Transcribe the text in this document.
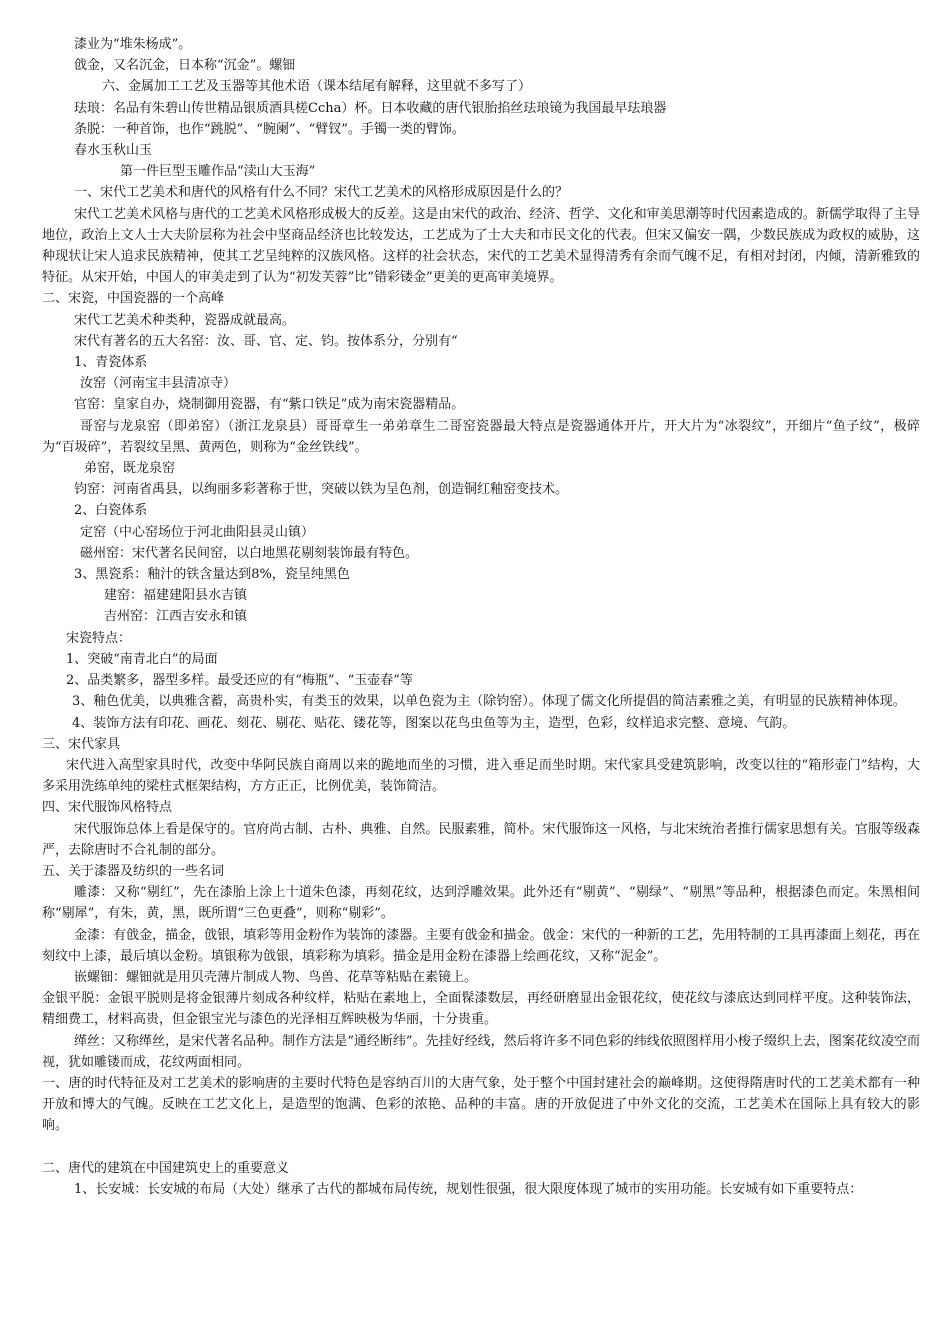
漆业为“堆朱杨成”。

戗金，又名沉金，日本称“沉金”。螺钿

六、金属加工工艺及玉器等其他术语（课本结尾有解释，这里就不多写了）

珐琅：名品有朱碧山传世精品银质酒具槎Ccha）杯。日本收藏的唐代银胎掐丝珐琅镜为我国最早珐琅器

条脱：一种首饰，也作“跳脱”、“腕阑”、“臂钗”。手镯一类的臂饰。

春水玉秋山玉

第一件巨型玉雕作品“渎山大玉海”

一、宋代工艺美术和唐代的风格有什么不同？宋代工艺美术的风格形成原因是什么的？

宋代工艺美术风格与唐代的工艺美术风格形成极大的反差。这是由宋代的政治、经济、哲学、文化和审美思潮等时代因素造成的。新儒学取得了主导地位，政治上文人士大夫阶层称为社会中坚商品经济也比较发达，工艺成为了士大夫和市民文化的代表。但宋又偏安一隅，少数民族成为政权的威胁，这种现状让宋人追求民族精神，使其工艺呈纯粹的汉族风格。这样的社会状态，宋代的工艺美术显得清秀有余而气魄不足，有相对封闭，内倾，清新雅致的特征。从宋开始，中国人的审美走到了认为“初发芙蓉”比“错彩镂金”更美的更高审美境界。

二、宋瓷，中国瓷器的一个高峰

宋代工艺美术种类种，瓷器成就最高。

宋代有著名的五大名窑：汝、哥、官、定、钧。按体系分，分别有“

1、青瓷体系

汝窑（河南宝丰县清凉寺）

官窑：皇家自办，烧制御用瓷器，有“紫口铁足”成为南宋瓷器精品。

哥窑与龙泉窑（即弟窑）（浙江龙泉县）哥哥章生一弟弟章生二哥窑瓷器最大特点是瓷器通体开片，开大片为“冰裂纹”，开细片“鱼子纹”，极碎为“百圾碎”，若裂纹呈黑、黄两色，则称为“金丝铁线”。

弟窑，既龙泉窑

钧窑：河南省禹县，以绚丽多彩著称于世，突破以铁为呈色剂，创造铜红釉窑变技术。

2、白瓷体系

定窑（中心窑场位于河北曲阳县灵山镇）

磁州窑：宋代著名民间窑，以白地黑花剔刻装饰最有特色。

3、黑瓷系：釉汁的铁含量达到8%，瓷呈纯黑色

建窑：福建建阳县水吉镇

吉州窑：江西吉安永和镇

宋瓷特点：

1、突破“南青北白”的局面

2、品类繁多，器型多样。最受还应的有“梅瓶”、“玉壶春”等

3、釉色优美，以典雅含蓄，高贵朴实，有类玉的效果，以单色瓷为主（除钧窑）。体现了儒文化所提倡的简洁素雅之美，有明显的民族精神体现。

4、装饰方法有印花、画花、刻花、剔花、贴花、镂花等，图案以花鸟虫鱼等为主，造型，色彩，纹样追求完整、意境、气韵。

三、宋代家具

宋代进入高型家具时代，改变中华阿民族自商周以来的跪地而坐的习惯，进入垂足而坐时期。宋代家具受建筑影响，改变以往的“箱形壶门”结构，大多采用洗练单纯的梁柱式框架结构，方方正正，比例优美，装饰简洁。

四、宋代服饰风格特点

宋代服饰总体上看是保守的。官府尚古制、古朴、典雅、自然。民服素雅，简朴。宋代服饰这一风格，与北宋统治者推行儒家思想有关。官服等级森严，去除唐时不合礼制的部分。

五、关于漆器及纺织的一些名词

雕漆：又称“剔红”，先在漆胎上涂上十道朱色漆，再刻花纹，达到浮雕效果。此外还有“剔黄”、“剔绿”、“剔黑”等品种，根据漆色而定。朱黑相间称“剔犀”，有朱，黄，黑，既所谓“三色更叠”，则称“剔彩”。

金漆：有戗金，描金，戗银，填彩等用金粉作为装饰的漆器。主要有戗金和描金。戗金：宋代的一种新的工艺，先用特制的工具再漆面上刻花，再在刻纹中上漆，最后填以金粉。填银称为戗银，填彩称为填彩。描金是用金粉在漆器上绘画花纹，又称“泥金”。

嵌螺钿：螺钿就是用贝壳薄片制成人物、鸟兽、花草等粘贴在素镜上。

金银平脱：金银平脱则是将金银薄片刻成各种纹样，粘贴在素地上，全面髹漆数层，再经研磨显出金银花纹，使花纹与漆底达到同样平度。这种装饰法，精细费工，材料高贵，但金银宝光与漆色的光泽相互辉映极为华丽，十分贵重。

缂丝：又称缂丝，是宋代著名品种。制作方法是“通经断纬”。先挂好经线，然后将许多不同色彩的纬线依照图样用小梭子缀织上去，图案花纹凌空而视，犹如雕镂而成，花纹两面相同。

一、唐的时代特征及对工艺美术的影响唐的主要时代特色是容纳百川的大唐气象，处于整个中国封建社会的巅峰期。这使得隋唐时代的工艺美术都有一种开放和博大的气魄。反映在工艺文化上，是造型的饱满、色彩的浓艳、品种的丰富。唐的开放促进了中外文化的交流，工艺美术在国际上具有较大的影响。

二、唐代的建筑在中国建筑史上的重要意义

1、长安城：长安城的布局（大处）继承了古代的都城布局传统，规划性很强，很大限度体现了城市的实用功能。长安城有如下重要特点：
